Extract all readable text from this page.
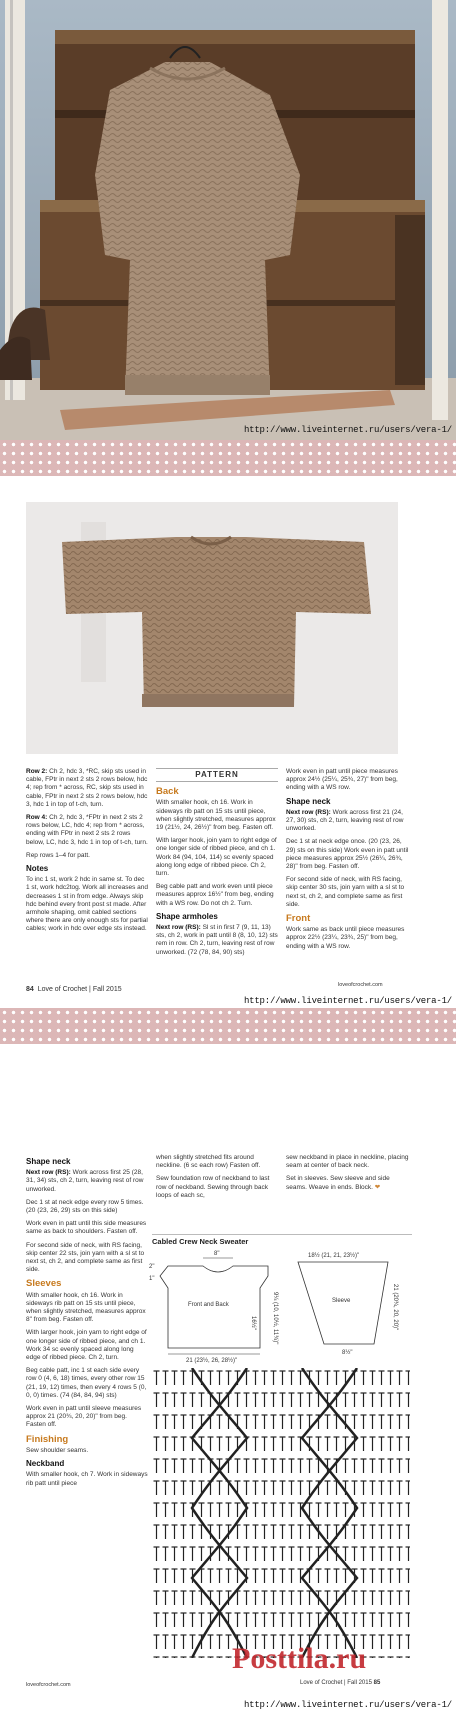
http://www.liveinternet.ru/users/vera-1/

Row 2: Ch 2, hdc 3, *RC, skip sts used in cable, FPtr in next 2 sts 2 rows below, hdc 4; rep from * across, RC, skip sts used in cable, FPtr in next 2 sts 2 rows below, hdc 3, hdc 1 in top of t-ch, turn.

Row 4: Ch 2, hdc 3, *FPtr in next 2 sts 2 rows below, LC, hdc 4; rep from * across, ending with FPtr in next 2 sts 2 rows below, LC, hdc 3, hdc 1 in top of t-ch, turn.

Rep rows 1–4 for patt.

Notes

To inc 1 st, work 2 hdc in same st. To dec 1 st, work hdc2tog. Work all increases and decreases 1 st in from edge. Always skip hdc behind every front post st made. After armhole shaping, omit cabled sections where there are only enough sts for partial cables; work in hdc over edge sts instead.

PATTERN
Back

With smaller hook, ch 16. Work in sideways rib patt on 15 sts until piece, when slightly stretched, measures approx 19 (21½, 24, 26½)" from beg. Fasten off.

With larger hook, join yarn to right edge of one longer side of ribbed piece, and ch 1. Work 84 (94, 104, 114) sc evenly spaced along long edge of ribbed piece. Ch 2, turn.

Beg cable patt and work even until piece measures approx 16½" from beg, ending with a WS row. Do not ch 2. Turn.

Shape armholes

Next row (RS): Sl st in first 7 (9, 11, 13) sts, ch 2, work in patt until 8 (8, 10, 12) sts rem in row. Ch 2, turn, leaving rest of row unworked. (72 (78, 84, 90) sts)

Work even in patt until piece measures approx 24½ (25¼, 25¾, 27)" from beg, ending with a WS row.

Shape neck

Next row (RS): Work across first 21 (24, 27, 30) sts, ch 2, turn, leaving rest of row unworked.

Dec 1 st at neck edge once. (20 (23, 26, 29) sts on this side) Work even in patt until piece measures approx 25½ (26¼, 26¾, 28)" from beg. Fasten off.

For second side of neck, with RS facing, skip center 30 sts, join yarn with a sl st to next st, ch 2, and complete same as first side.

Front

Work same as back until piece measures approx 22½ (23¼, 23¾, 25)" from beg, ending with a WS row.

84 Love of Crochet | Fall 2015
loveofcrochet.com
http://www.liveinternet.ru/users/vera-1/
Shape neck

Next row (RS): Work across first 25 (28, 31, 34) sts, ch 2, turn, leaving rest of row unworked.

Dec 1 st at neck edge every row 5 times. (20 (23, 26, 29) sts on this side)

Work even in patt until this side measures same as back to shoulders. Fasten off.

For second side of neck, with RS facing, skip center 22 sts, join yarn with a sl st to next st, ch 2, and complete same as first side.

Sleeves

With smaller hook, ch 16. Work in sideways rib patt on 15 sts until piece, when slightly stretched, measures approx 8" from beg. Fasten off.

With larger hook, join yarn to right edge of one longer side of ribbed piece, and ch 1. Work 34 sc evenly spaced along long edge of ribbed piece. Ch 2, turn.

Beg cable patt, inc 1 st each side every row 0 (4, 6, 18) times, every other row 15 (21, 19, 12) times, then every 4 rows 5 (0, 0, 0) times. (74 (84, 84, 94) sts)

Work even in patt until sleeve measures approx 21 (20¾, 20, 20)" from beg. Fasten off.

Finishing

Sew shoulder seams.

Neckband

With smaller hook, ch 7. Work in sideways rib patt until piece

when slightly stretched fits around neckline. (6 sc each row) Fasten off.

Sew foundation row of neckband to last row of neckband. Sewing through back loops of each sc,

sew neckband in place in neckline, placing seam at center of back neck.

Set in sleeves. Sew sleeve and side seams. Weave in ends. Block. ❤

Cabled Crew Neck Sweater
8"
2"
1"
9¼ (10, 10½, 11¾)"
16½"
Front and Back
21 (23½, 26, 28½)"
18½ (21, 21, 23½)"
Sleeve	21 (20¾, 20, 20)"
8½"
loveofcrochet.com	Love of Crochet | Fall 2015 85
http://www.liveinternet.ru/users/vera-1/
Posttila.ru
